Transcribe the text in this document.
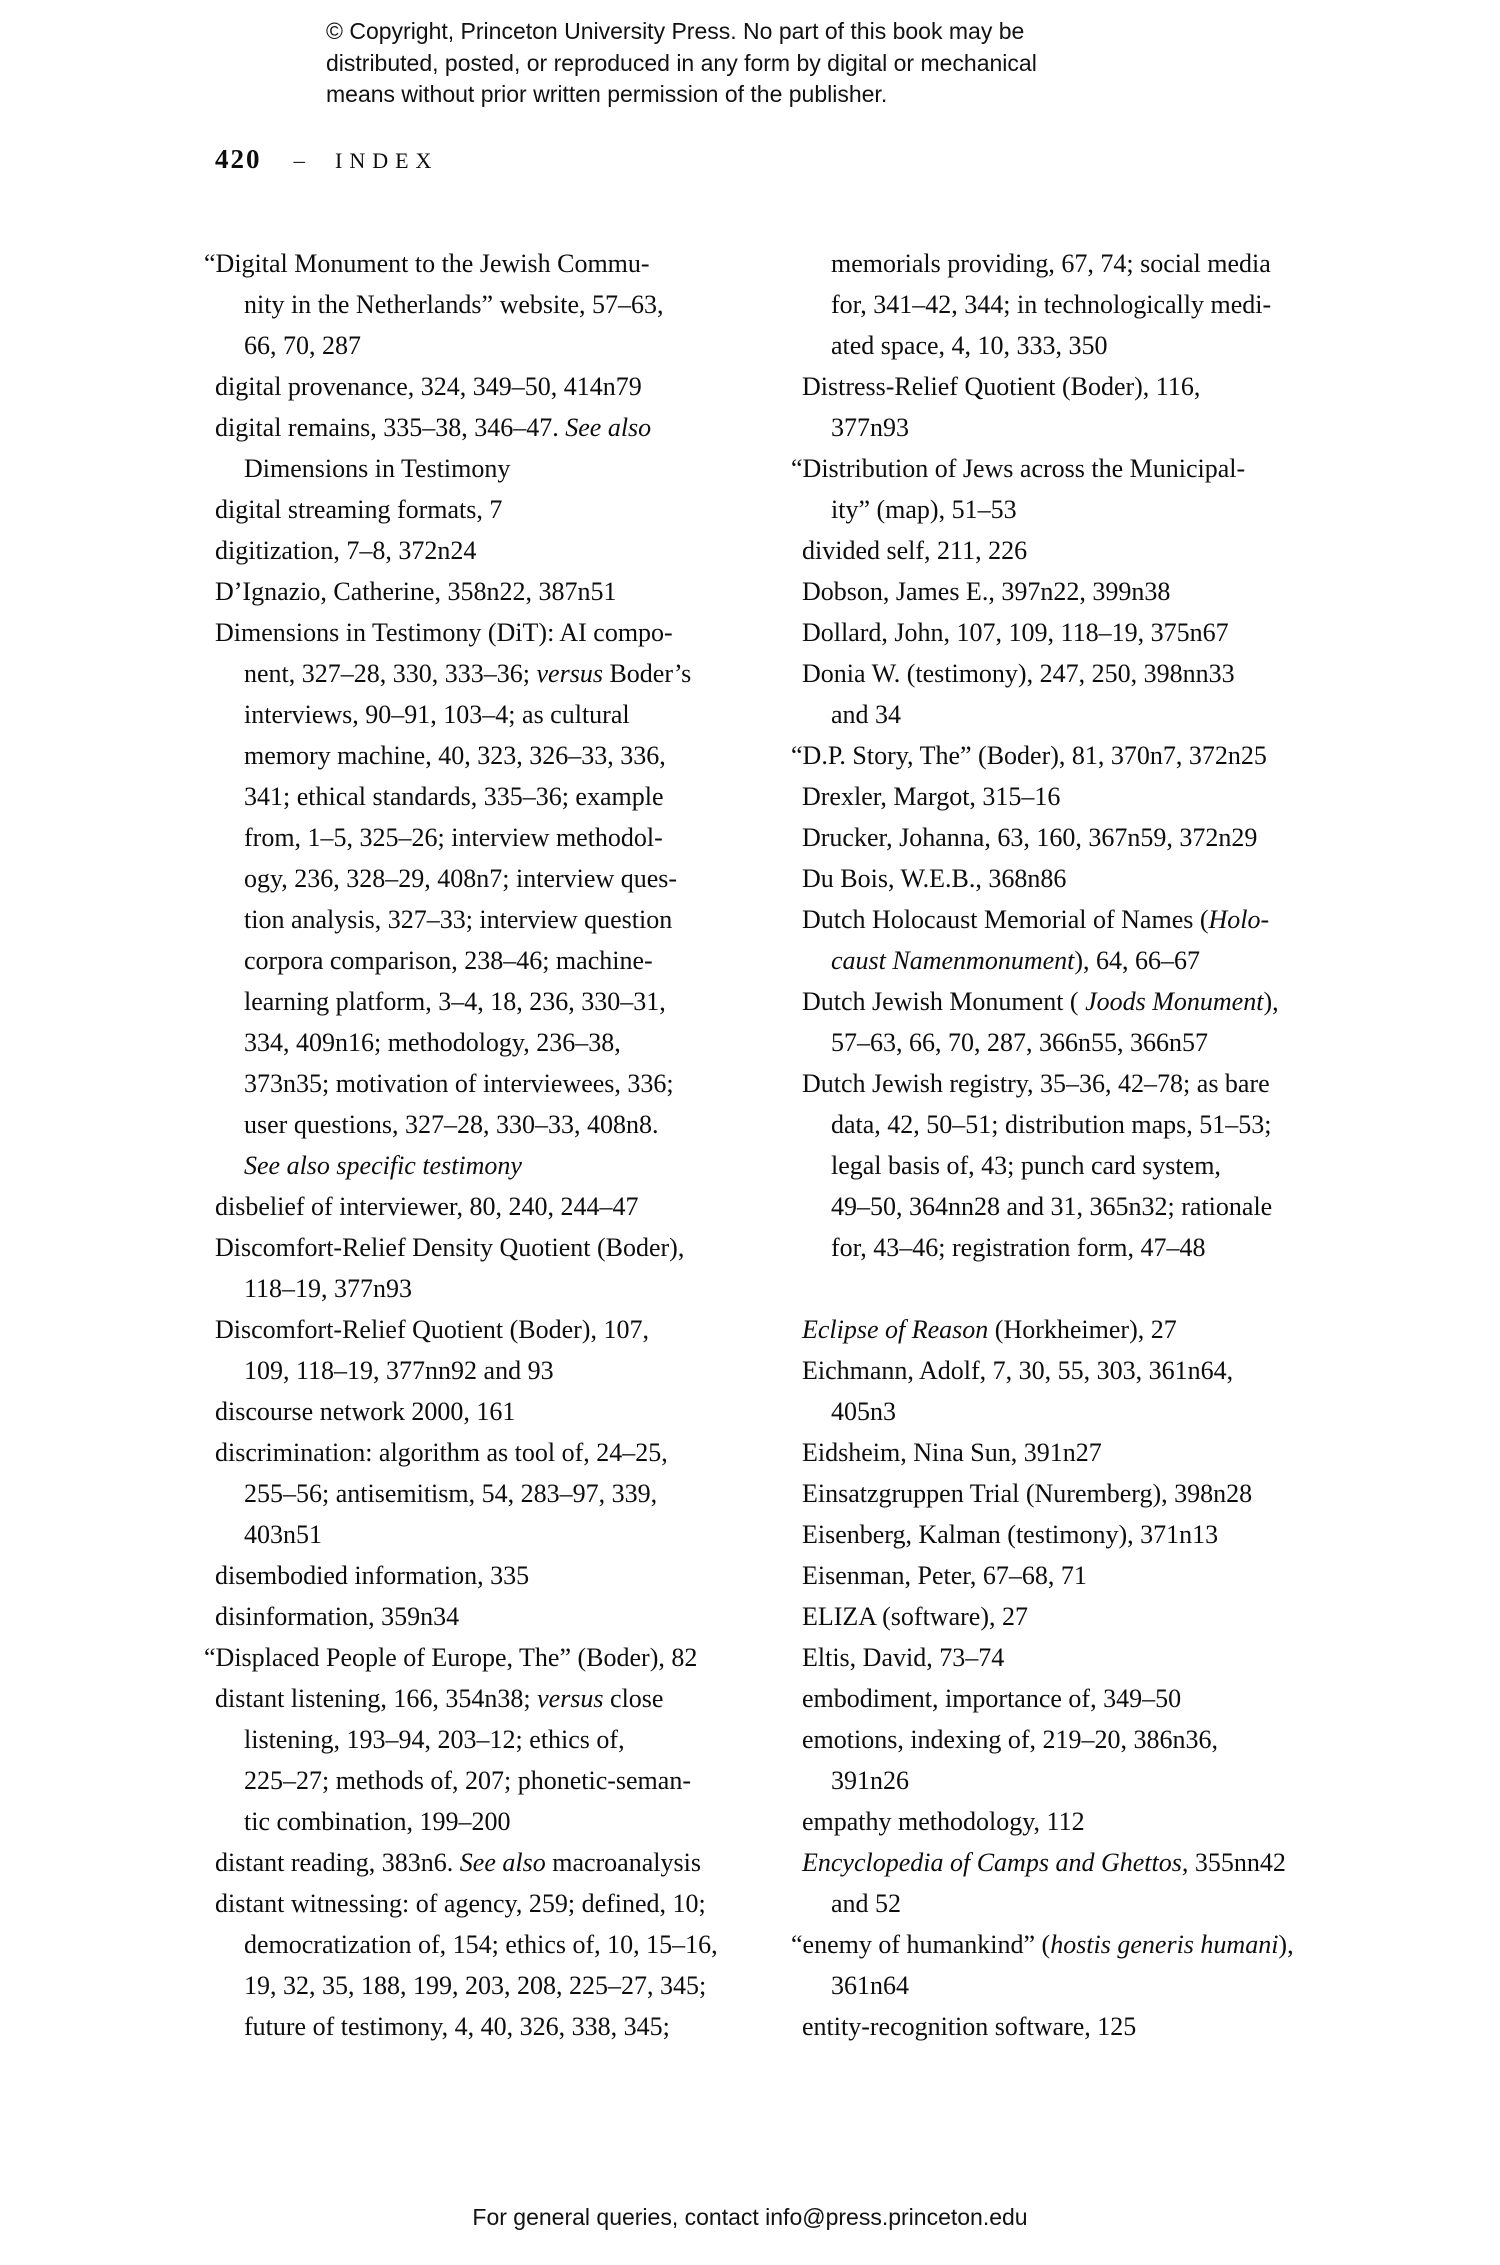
© Copyright, Princeton University Press. No part of this book may be
distributed, posted, or reproduced in any form by digital or mechanical
means without prior written permission of the publisher.
420 – INDEX
“Digital Monument to the Jewish Commu-
nity in the Netherlands” website, 57–63,
66, 70, 287
digital provenance, 324, 349–50, 414n79
digital remains, 335–38, 346–47. See also
Dimensions in Testimony
digital streaming formats, 7
digitization, 7–8, 372n24
D’Ignazio, Catherine, 358n22, 387n51
Dimensions in Testimony (DiT): AI compo-
nent, 327–28, 330, 333–36; versus Boder’s
interviews, 90–91, 103–4; as cultural
memory machine, 40, 323, 326–33, 336,
341; ethical standards, 335–36; example
from, 1–5, 325–26; interview methodol-
ogy, 236, 328–29, 408n7; interview ques-
tion analysis, 327–33; interview question
corpora comparison, 238–46; machine-
learning platform, 3–4, 18, 236, 330–31,
334, 409n16; methodology, 236–38,
373n35; motivation of interviewees, 336;
user questions, 327–28, 330–33, 408n8.
See also specific testimony
disbelief of interviewer, 80, 240, 244–47
Discomfort-Relief Density Quotient (Boder),
118–19, 377n93
Discomfort-Relief Quotient (Boder), 107,
109, 118–19, 377nn92 and 93
discourse network 2000, 161
discrimination: algorithm as tool of, 24–25,
255–56; antisemitism, 54, 283–97, 339,
403n51
disembodied information, 335
disinformation, 359n34
“Displaced People of Europe, The” (Boder), 82
distant listening, 166, 354n38; versus close
listening, 193–94, 203–12; ethics of,
225–27; methods of, 207; phonetic-seman-
tic combination, 199–200
distant reading, 383n6. See also macroanalysis
distant witnessing: of agency, 259; defined, 10;
democratization of, 154; ethics of, 10, 15–16,
19, 32, 35, 188, 199, 203, 208, 225–27, 345;
future of testimony, 4, 40, 326, 338, 345;
memorials providing, 67, 74; social media
for, 341–42, 344; in technologically medi-
ated space, 4, 10, 333, 350
Distress-Relief Quotient (Boder), 116,
377n93
“Distribution of Jews across the Municipal-
ity” (map), 51–53
divided self, 211, 226
Dobson, James E., 397n22, 399n38
Dollard, John, 107, 109, 118–19, 375n67
Donia W. (testimony), 247, 250, 398nn33
and 34
“D.P. Story, The” (Boder), 81, 370n7, 372n25
Drexler, Margot, 315–16
Drucker, Johanna, 63, 160, 367n59, 372n29
Du Bois, W.E.B., 368n86
Dutch Holocaust Memorial of Names (Holo-
caust Namenmonument), 64, 66–67
Dutch Jewish Monument ( Joods Monument),
57–63, 66, 70, 287, 366n55, 366n57
Dutch Jewish registry, 35–36, 42–78; as bare
data, 42, 50–51; distribution maps, 51–53;
legal basis of, 43; punch card system,
49–50, 364nn28 and 31, 365n32; rationale
for, 43–46; registration form, 47–48

Eclipse of Reason (Horkheimer), 27
Eichmann, Adolf, 7, 30, 55, 303, 361n64,
405n3
Eidsheim, Nina Sun, 391n27
Einsatzgruppen Trial (Nuremberg), 398n28
Eisenberg, Kalman (testimony), 371n13
Eisenman, Peter, 67–68, 71
ELIZA (software), 27
Eltis, David, 73–74
embodiment, importance of, 349–50
emotions, indexing of, 219–20, 386n36,
391n26
empathy methodology, 112
Encyclopedia of Camps and Ghettos, 355nn42
and 52
“enemy of humankind” (hostis generis humani),
361n64
entity-recognition software, 125
For general queries, contact info@press.princeton.edu
